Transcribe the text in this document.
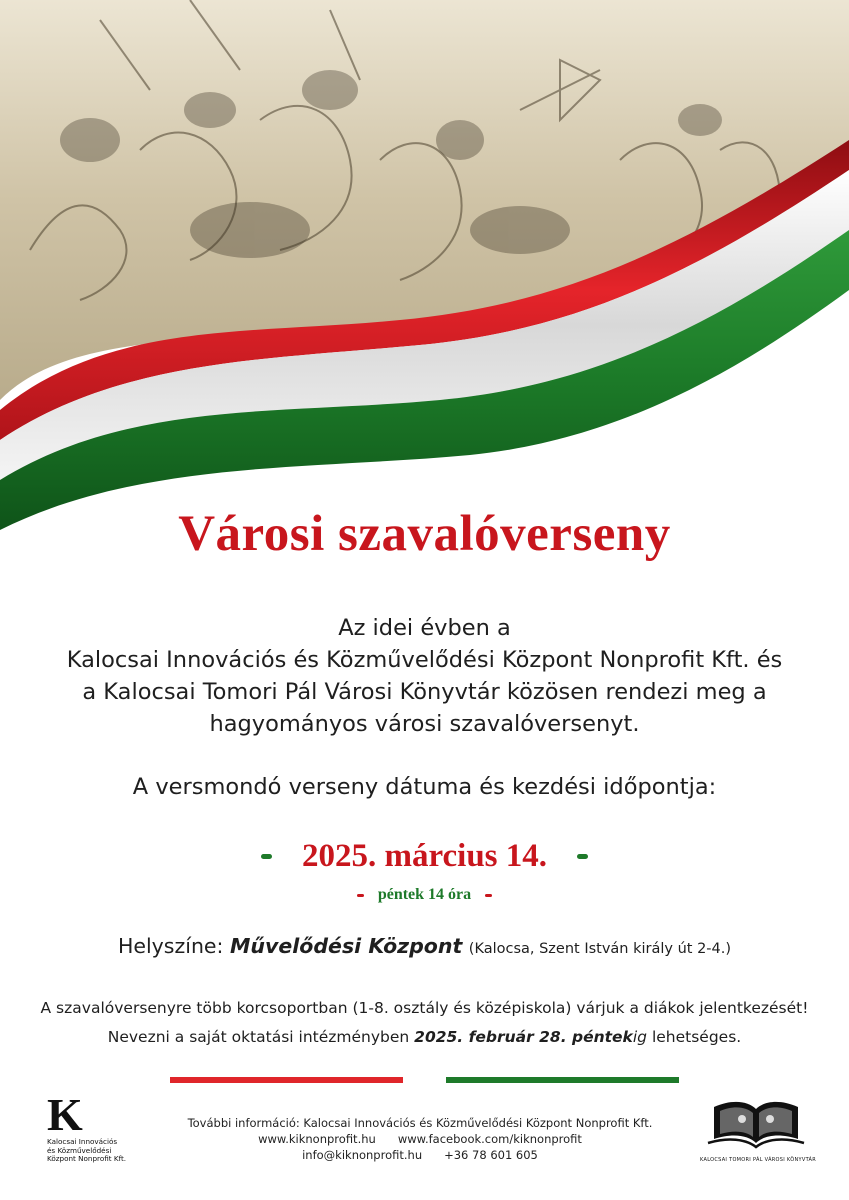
Városi szavalóverseny
Az idei évben a
Kalocsai Innovációs és Közművelődési Központ Nonprofit Kft. és
a Kalocsai Tomori Pál Városi Könyvtár közösen rendezi meg a
hagyományos városi szavalóversenyt.
A versmondó verseny dátuma és kezdési időpontja:
2025. március 14.
péntek 14 óra
Helyszíne: Művelődési Központ (Kalocsa, Szent István király út 2-4.)
A szavalóversenyre több korcsoportban (1-8. osztály és középiskola) várjuk a diákok jelentkezését!
Nevezni a saját oktatási intézményben 2025. február 28. péntekig lehetséges.
K
Kalocsai Innovációs
és Közművelődési
Központ Nonprofit Kft.
További információ: Kalocsai Innovációs és Közművelődési Központ Nonprofit Kft.
www.kiknonprofit.hu www.facebook.com/kiknonprofit
info@kiknonprofit.hu +36 78 601 605	KALOCSAI TOMORI PÁL VÁROSI KÖNYVTÁR
